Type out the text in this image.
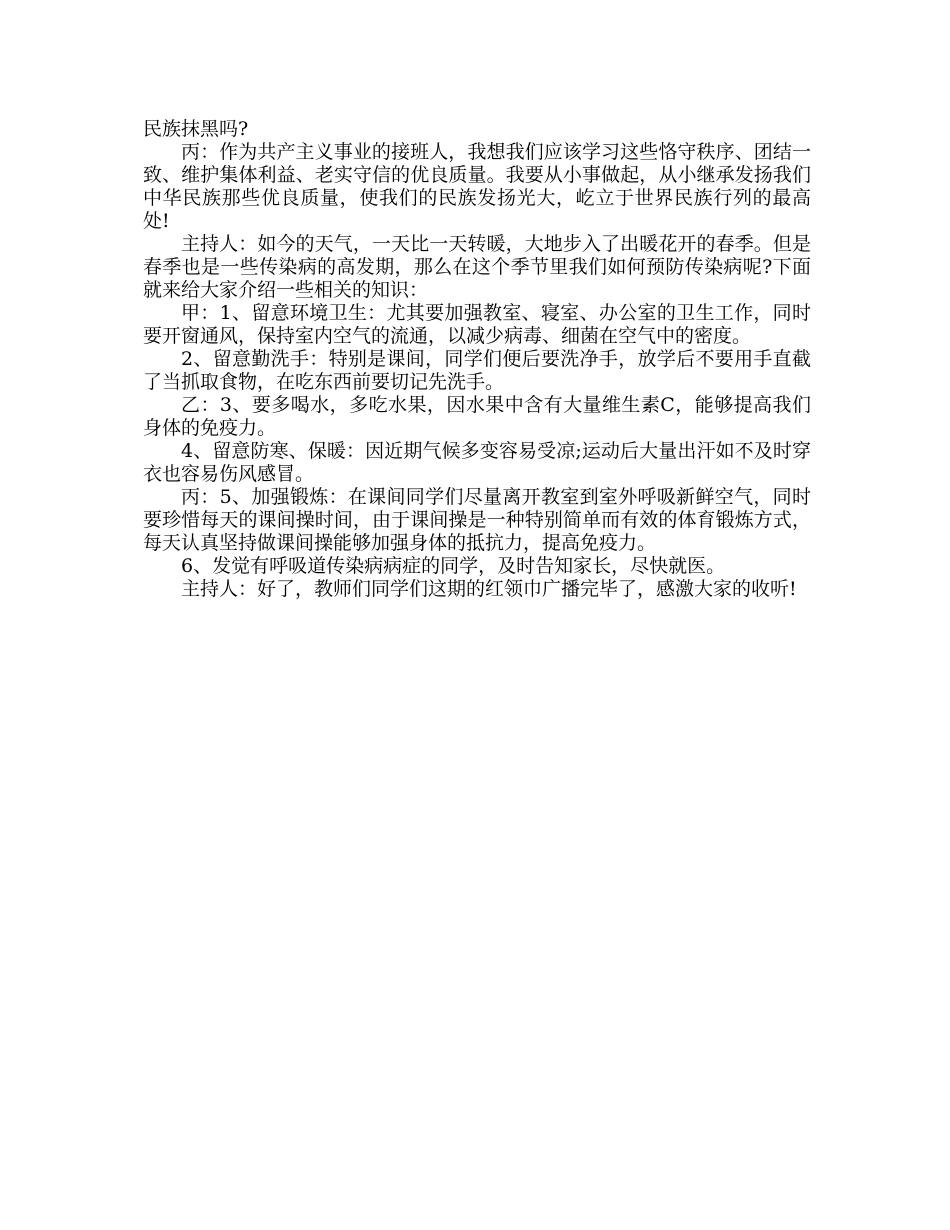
民族抹黑吗?

丙：作为共产主义事业的接班人，我想我们应该学习这些恪守秩序、团结一致、维护集体利益、老实守信的优良质量。我要从小事做起，从小继承发扬我们中华民族那些优良质量，使我们的民族发扬光大，屹立于世界民族行列的最高处!

主持人：如今的天气，一天比一天转暖，大地步入了出暖花开的春季。但是春季也是一些传染病的高发期，那么在这个季节里我们如何预防传染病呢?下面就来给大家介绍一些相关的知识：

甲：1、留意环境卫生：尤其要加强教室、寝室、办公室的卫生工作，同时要开窗通风，保持室内空气的流通，以减少病毒、细菌在空气中的密度。

2、留意勤洗手：特别是课间，同学们便后要洗净手，放学后不要用手直截了当抓取食物，在吃东西前要切记先洗手。

乙：3、要多喝水，多吃水果，因水果中含有大量维生素C，能够提高我们身体的免疫力。

4、留意防寒、保暖：因近期气候多变容易受凉;运动后大量出汗如不及时穿衣也容易伤风感冒。

丙：5、加强锻炼：在课间同学们尽量离开教室到室外呼吸新鲜空气，同时要珍惜每天的课间操时间，由于课间操是一种特别简单而有效的体育锻炼方式，每天认真坚持做课间操能够加强身体的抵抗力，提高免疫力。

6、发觉有呼吸道传染病病症的同学，及时告知家长，尽快就医。

主持人：好了，教师们同学们这期的红领巾广播完毕了，感激大家的收听!
